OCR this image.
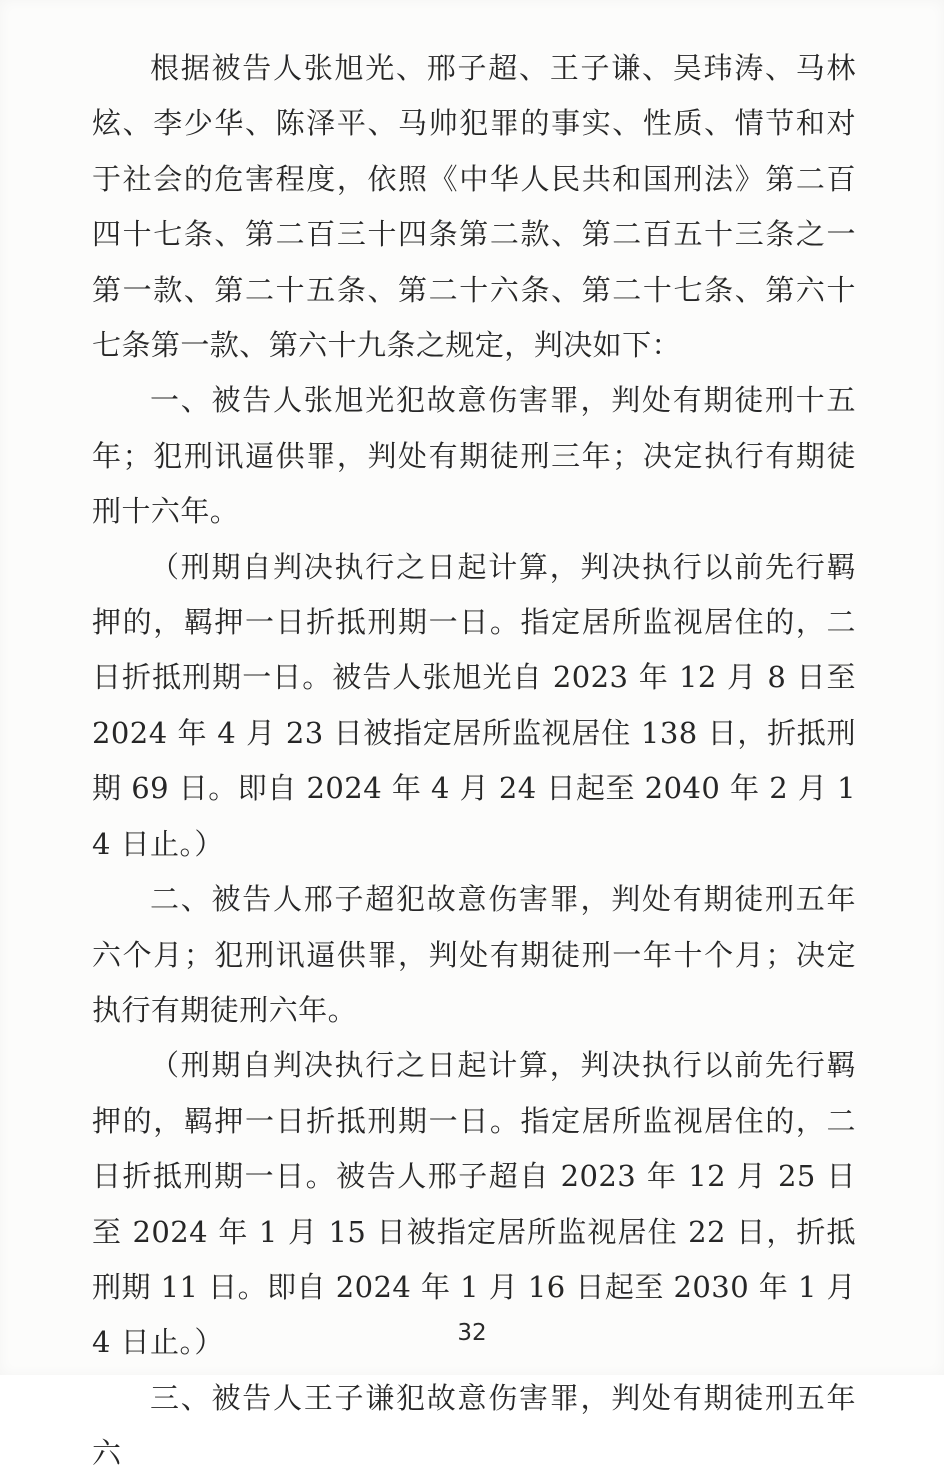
根据被告人张旭光、邢子超、王子谦、吴玮涛、马林炫、李少华、陈泽平、马帅犯罪的事实、性质、情节和对于社会的危害程度，依照《中华人民共和国刑法》第二百四十七条、第二百三十四条第二款、第二百五十三条之一第一款、第二十五条、第二十六条、第二十七条、第六十七条第一款、第六十九条之规定，判决如下：

一、被告人张旭光犯故意伤害罪，判处有期徒刑十五年；犯刑讯逼供罪，判处有期徒刑三年；决定执行有期徒刑十六年。

（刑期自判决执行之日起计算，判决执行以前先行羁押的，羁押一日折抵刑期一日。指定居所监视居住的，二日折抵刑期一日。被告人张旭光自 2023 年 12 月 8 日至 2024 年 4 月 23 日被指定居所监视居住 138 日，折抵刑期 69 日。即自 2024 年 4 月 24 日起至 2040 年 2 月 14 日止。）

二、被告人邢子超犯故意伤害罪，判处有期徒刑五年六个月；犯刑讯逼供罪，判处有期徒刑一年十个月；决定执行有期徒刑六年。

（刑期自判决执行之日起计算，判决执行以前先行羁押的，羁押一日折抵刑期一日。指定居所监视居住的，二日折抵刑期一日。被告人邢子超自 2023 年 12 月 25 日至 2024 年 1 月 15 日被指定居所监视居住 22 日，折抵刑期 11 日。即自 2024 年 1 月 16 日起至 2030 年 1 月 4 日止。）

三、被告人王子谦犯故意伤害罪，判处有期徒刑五年六

32
